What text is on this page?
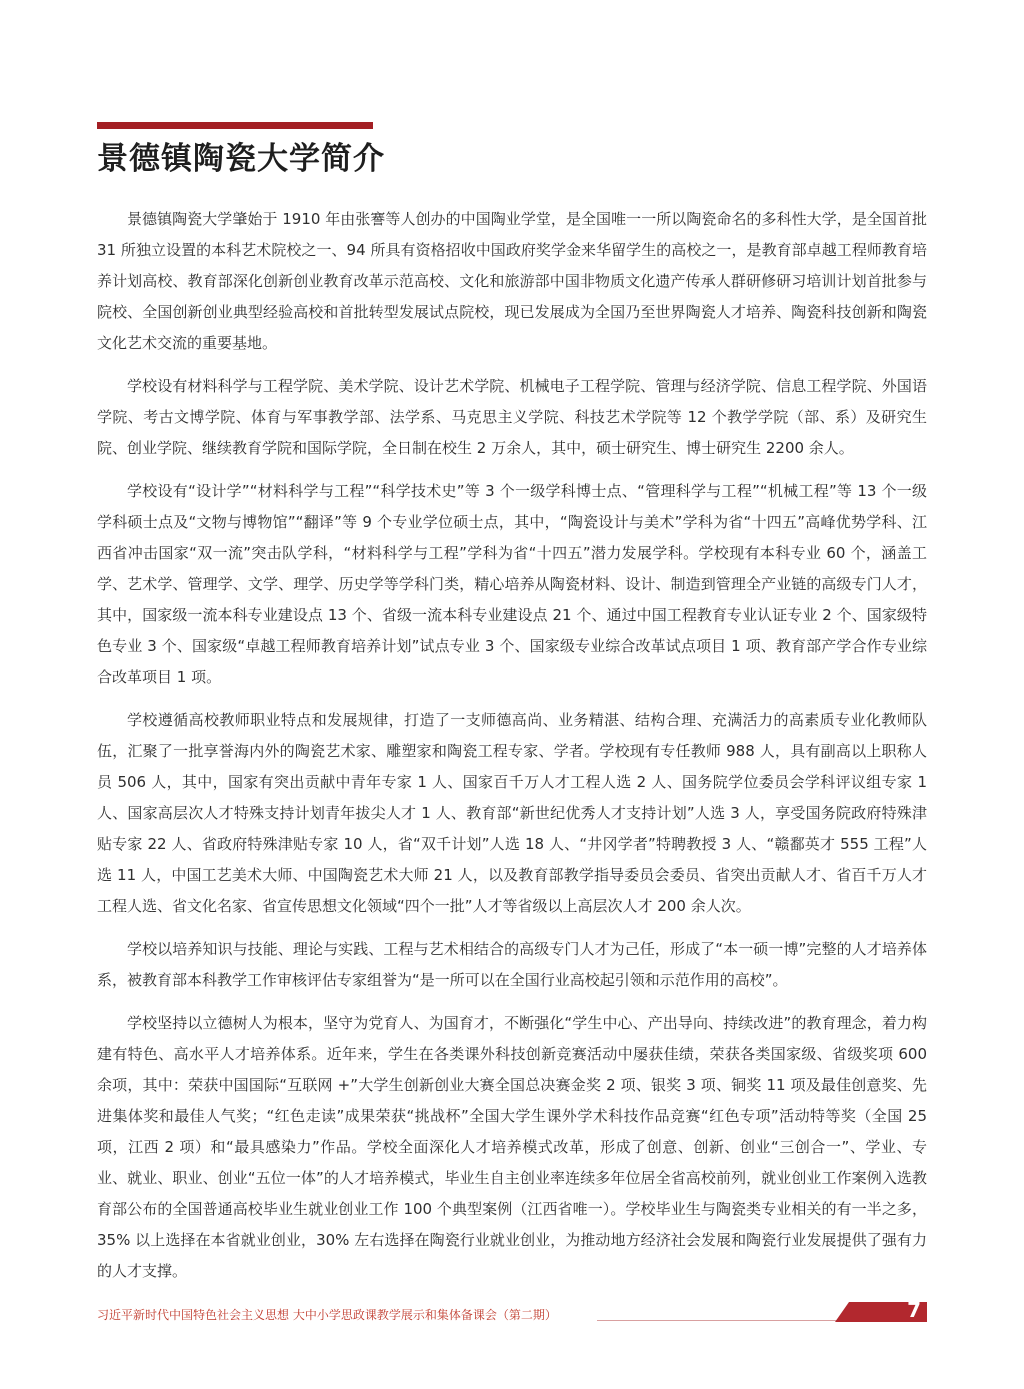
景德镇陶瓷大学简介

景德镇陶瓷大学肇始于 1910 年由张謇等人创办的中国陶业学堂，是全国唯一一所以陶瓷命名的多科性大学，是全国首批 31 所独立设置的本科艺术院校之一、94 所具有资格招收中国政府奖学金来华留学生的高校之一，是教育部卓越工程师教育培养计划高校、教育部深化创新创业教育改革示范高校、文化和旅游部中国非物质文化遗产传承人群研修研习培训计划首批参与院校、全国创新创业典型经验高校和首批转型发展试点院校，现已发展成为全国乃至世界陶瓷人才培养、陶瓷科技创新和陶瓷文化艺术交流的重要基地。

学校设有材料科学与工程学院、美术学院、设计艺术学院、机械电子工程学院、管理与经济学院、信息工程学院、外国语学院、考古文博学院、体育与军事教学部、法学系、马克思主义学院、科技艺术学院等 12 个教学学院（部、系）及研究生院、创业学院、继续教育学院和国际学院，全日制在校生 2 万余人，其中，硕士研究生、博士研究生 2200 余人。

学校设有“设计学”“材料科学与工程”“科学技术史”等 3 个一级学科博士点、“管理科学与工程”“机械工程”等 13 个一级学科硕士点及“文物与博物馆”“翻译”等 9 个专业学位硕士点，其中，“陶瓷设计与美术”学科为省“十四五”高峰优势学科、江西省冲击国家“双一流”突击队学科，“材料科学与工程”学科为省“十四五”潜力发展学科。学校现有本科专业 60 个，涵盖工学、艺术学、管理学、文学、理学、历史学等学科门类，精心培养从陶瓷材料、设计、制造到管理全产业链的高级专门人才，其中，国家级一流本科专业建设点 13 个、省级一流本科专业建设点 21 个、通过中国工程教育专业认证专业 2 个、国家级特色专业 3 个、国家级“卓越工程师教育培养计划”试点专业 3 个、国家级专业综合改革试点项目 1 项、教育部产学合作专业综合改革项目 1 项。

学校遵循高校教师职业特点和发展规律，打造了一支师德高尚、业务精湛、结构合理、充满活力的高素质专业化教师队伍，汇聚了一批享誉海内外的陶瓷艺术家、雕塑家和陶瓷工程专家、学者。学校现有专任教师 988 人，具有副高以上职称人员 506 人，其中，国家有突出贡献中青年专家 1 人、国家百千万人才工程人选 2 人、国务院学位委员会学科评议组专家 1 人、国家高层次人才特殊支持计划青年拔尖人才 1 人、教育部“新世纪优秀人才支持计划”人选 3 人，享受国务院政府特殊津贴专家 22 人、省政府特殊津贴专家 10 人，省“双千计划”人选 18 人、“井冈学者”特聘教授 3 人、“赣鄱英才 555 工程”人选 11 人，中国工艺美术大师、中国陶瓷艺术大师 21 人，以及教育部教学指导委员会委员、省突出贡献人才、省百千万人才工程人选、省文化名家、省宣传思想文化领域“四个一批”人才等省级以上高层次人才 200 余人次。

学校以培养知识与技能、理论与实践、工程与艺术相结合的高级专门人才为己任，形成了“本一硕一博”完整的人才培养体系，被教育部本科教学工作审核评估专家组誉为“是一所可以在全国行业高校起引领和示范作用的高校”。

学校坚持以立德树人为根本，坚守为党育人、为国育才，不断强化“学生中心、产出导向、持续改进”的教育理念，着力构建有特色、高水平人才培养体系。近年来，学生在各类课外科技创新竞赛活动中屡获佳绩，荣获各类国家级、省级奖项 600 余项，其中：荣获中国国际“互联网 +”大学生创新创业大赛全国总决赛金奖 2 项、银奖 3 项、铜奖 11 项及最佳创意奖、先进集体奖和最佳人气奖；“红色走读”成果荣获“挑战杯”全国大学生课外学术科技作品竞赛“红色专项”活动特等奖（全国 25 项，江西 2 项）和“最具感染力”作品。学校全面深化人才培养模式改革，形成了创意、创新、创业“三创合一”、学业、专业、就业、职业、创业“五位一体”的人才培养模式，毕业生自主创业率连续多年位居全省高校前列，就业创业工作案例入选教育部公布的全国普通高校毕业生就业创业工作 100 个典型案例（江西省唯一）。学校毕业生与陶瓷类专业相关的有一半之多，35% 以上选择在本省就业创业，30% 左右选择在陶瓷行业就业创业，为推动地方经济社会发展和陶瓷行业发展提供了强有力的人才支撑。

习近平新时代中国特色社会主义思想 大中小学思政课教学展示和集体备课会（第二期）	7
